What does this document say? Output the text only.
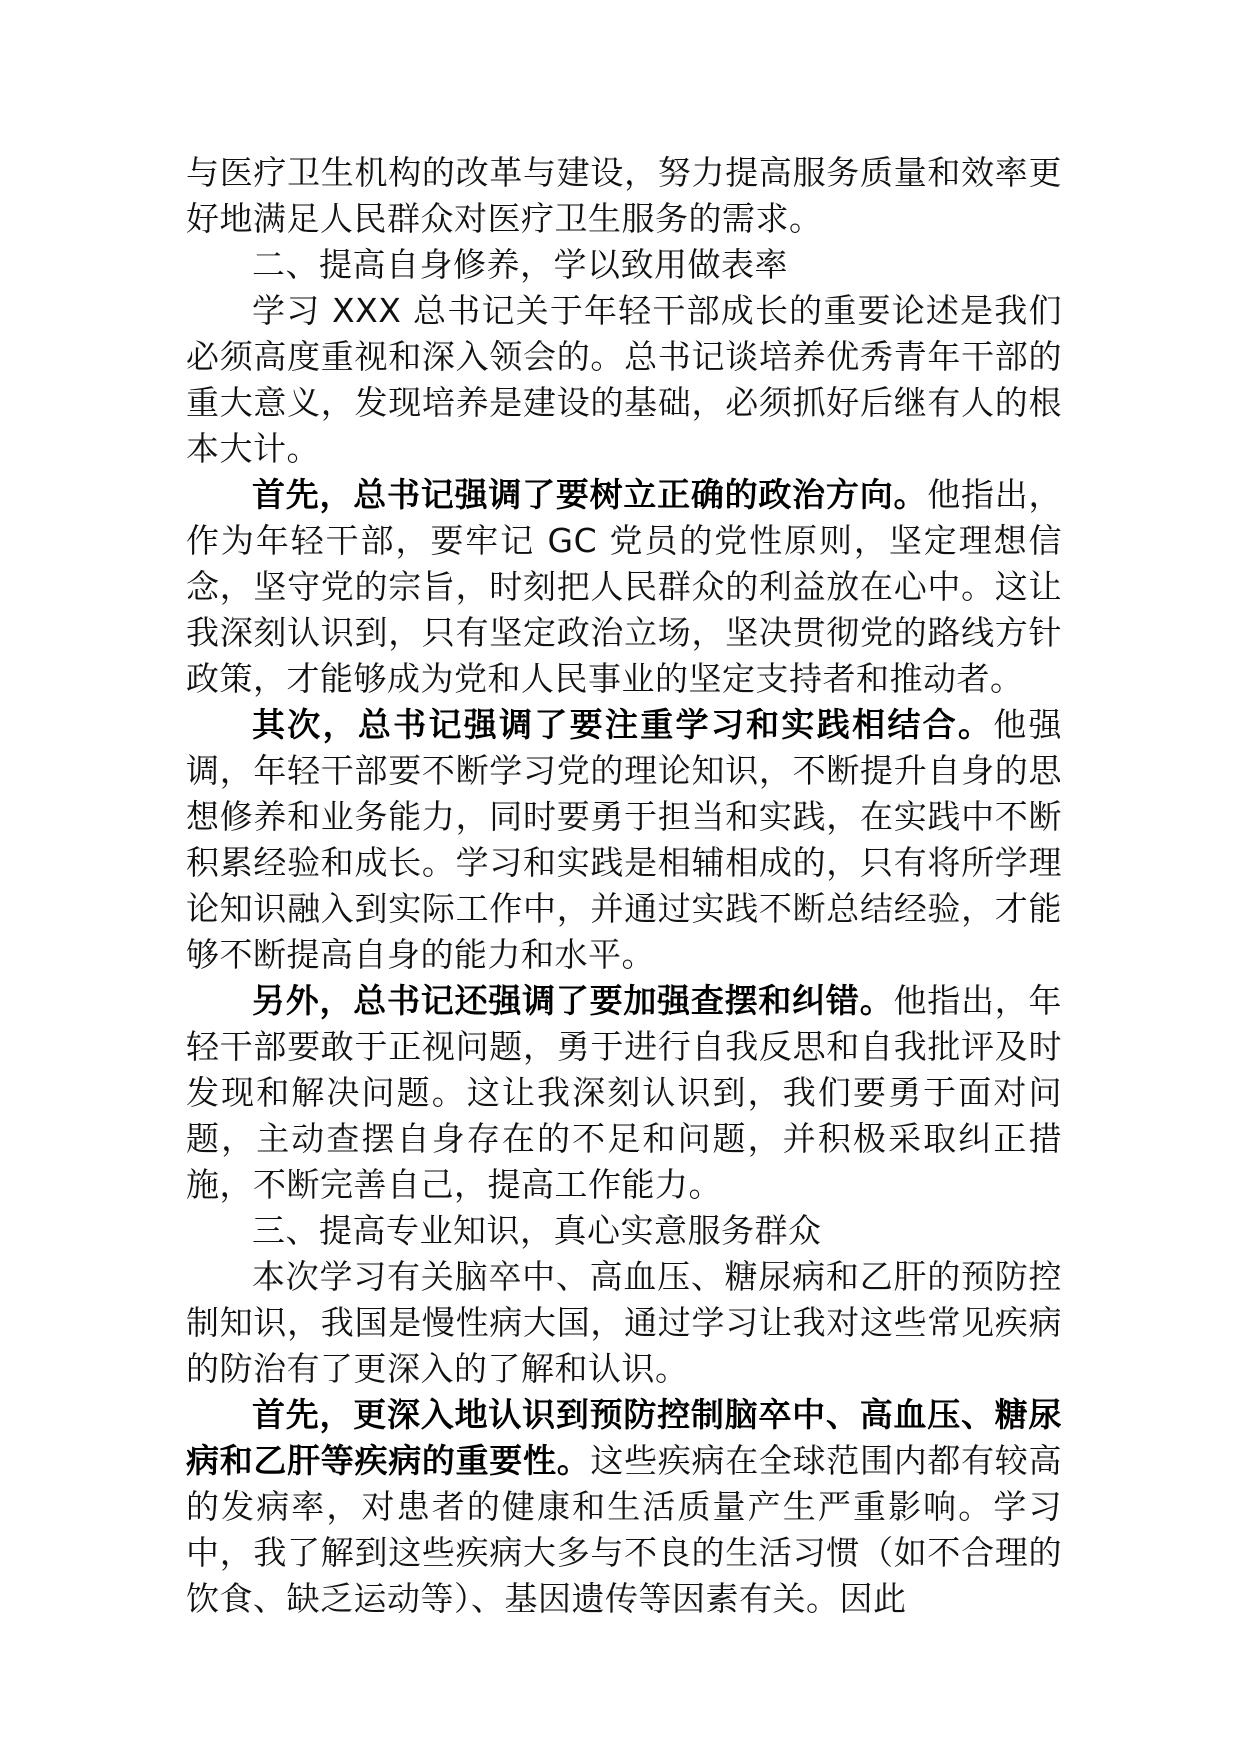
与医疗卫生机构的改革与建设，努力提高服务质量和效率更好地满足人民群众对医疗卫生服务的需求。

二、提高自身修养，学以致用做表率

学习 XXX 总书记关于年轻干部成长的重要论述是我们必须高度重视和深入领会的。总书记谈培养优秀青年干部的重大意义，发现培养是建设的基础，必须抓好后继有人的根本大计。

首先，总书记强调了要树立正确的政治方向。他指出，作为年轻干部，要牢记 GC 党员的党性原则，坚定理想信念，坚守党的宗旨，时刻把人民群众的利益放在心中。这让我深刻认识到，只有坚定政治立场，坚决贯彻党的路线方针政策，才能够成为党和人民事业的坚定支持者和推动者。

其次，总书记强调了要注重学习和实践相结合。他强调，年轻干部要不断学习党的理论知识，不断提升自身的思想修养和业务能力，同时要勇于担当和实践，在实践中不断积累经验和成长。学习和实践是相辅相成的，只有将所学理论知识融入到实际工作中，并通过实践不断总结经验，才能够不断提高自身的能力和水平。

另外，总书记还强调了要加强查摆和纠错。他指出，年轻干部要敢于正视问题，勇于进行自我反思和自我批评及时发现和解决问题。这让我深刻认识到，我们要勇于面对问题，主动查摆自身存在的不足和问题，并积极采取纠正措施，不断完善自己，提高工作能力。

三、提高专业知识，真心实意服务群众

本次学习有关脑卒中、高血压、糖尿病和乙肝的预防控制知识，我国是慢性病大国，通过学习让我对这些常见疾病的防治有了更深入的了解和认识。

首先，更深入地认识到预防控制脑卒中、高血压、糖尿病和乙肝等疾病的重要性。这些疾病在全球范围内都有较高的发病率，对患者的健康和生活质量产生严重影响。学习中，我了解到这些疾病大多与不良的生活习惯（如不合理的饮食、缺乏运动等）、基因遗传等因素有关。因此
